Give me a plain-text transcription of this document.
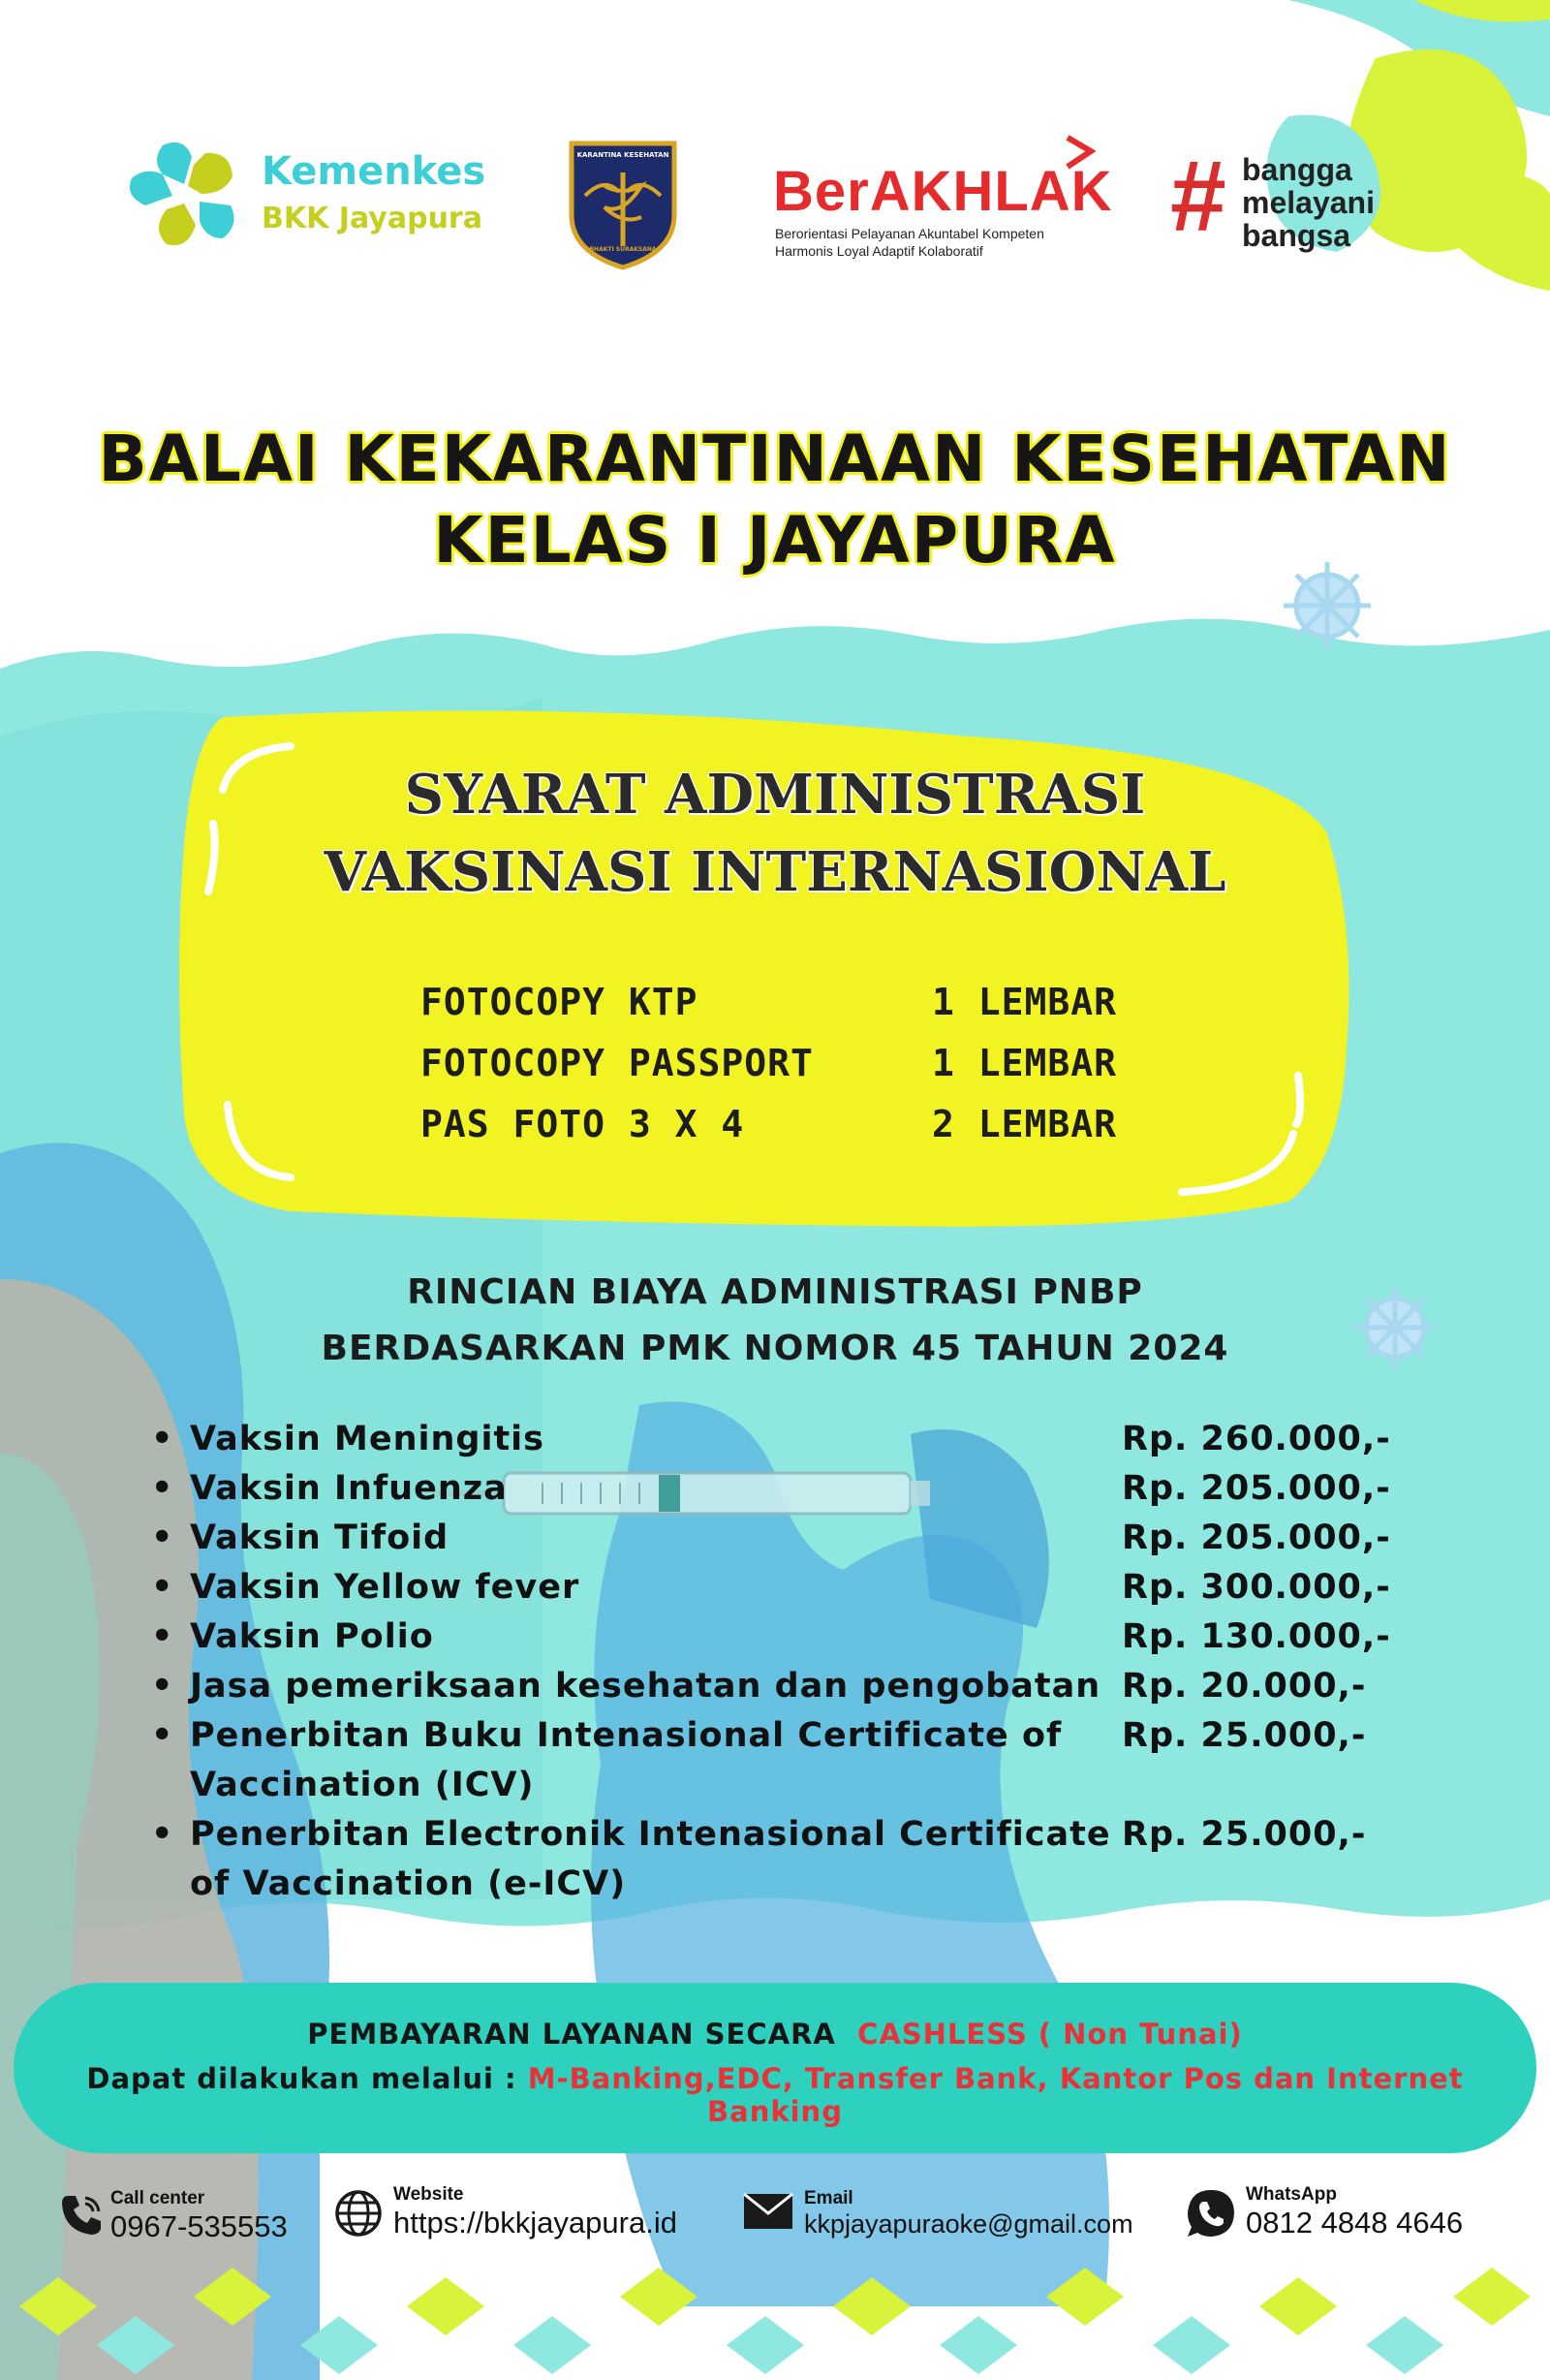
Kemenkes
BKK Jayapura
KARANTINA KESEHATAN
BHAKTI SURAKSANA
BerAKHLAK
Berorientasi Pelayanan Akuntabel Kompeten
Harmonis Loyal Adaptif Kolaboratif # bangga
melayani
bangsa
BALAI KEKARANTINAAN KESEHATAN
KELAS I JAYAPURA
SYARAT ADMINISTRASI
VAKSINASI INTERNASIONAL
FOTOCOPY KTP	1 LEMBAR
FOTOCOPY PASSPORT	1 LEMBAR
PAS FOTO 3 X 4	2 LEMBAR
RINCIAN BIAYA ADMINISTRASI PNBP
BERDASARKAN PMK NOMOR 45 TAHUN 2024
• Vaksin Meningitis	Rp. 260.000,-
• Vaksin Infuenza	Rp. 205.000,-
• Vaksin Tifoid	Rp. 205.000,-
• Vaksin Yellow fever	Rp. 300.000,-
• Vaksin Polio	Rp. 130.000,-
• Jasa pemeriksaan kesehatan dan pengobatan Rp. 20.000,-
• Penerbitan Buku Intenasional Certificate of
Vaccination (ICV)
Rp. 25.000,-
• Penerbitan Electronik Intenasional Certificate
of Vaccination (e-ICV)
Rp. 25.000,-
PEMBAYARAN LAYANAN SECARA CASHLESS ( Non Tunai)
Dapat dilakukan melalui : M-Banking,EDC, Transfer Bank, Kantor Pos dan Internet Banking
Call center
0967-535553
Website
https://bkkjayapura.id
Email
kkpjayapuraoke@gmail.com
WhatsApp
0812 4848 4646
